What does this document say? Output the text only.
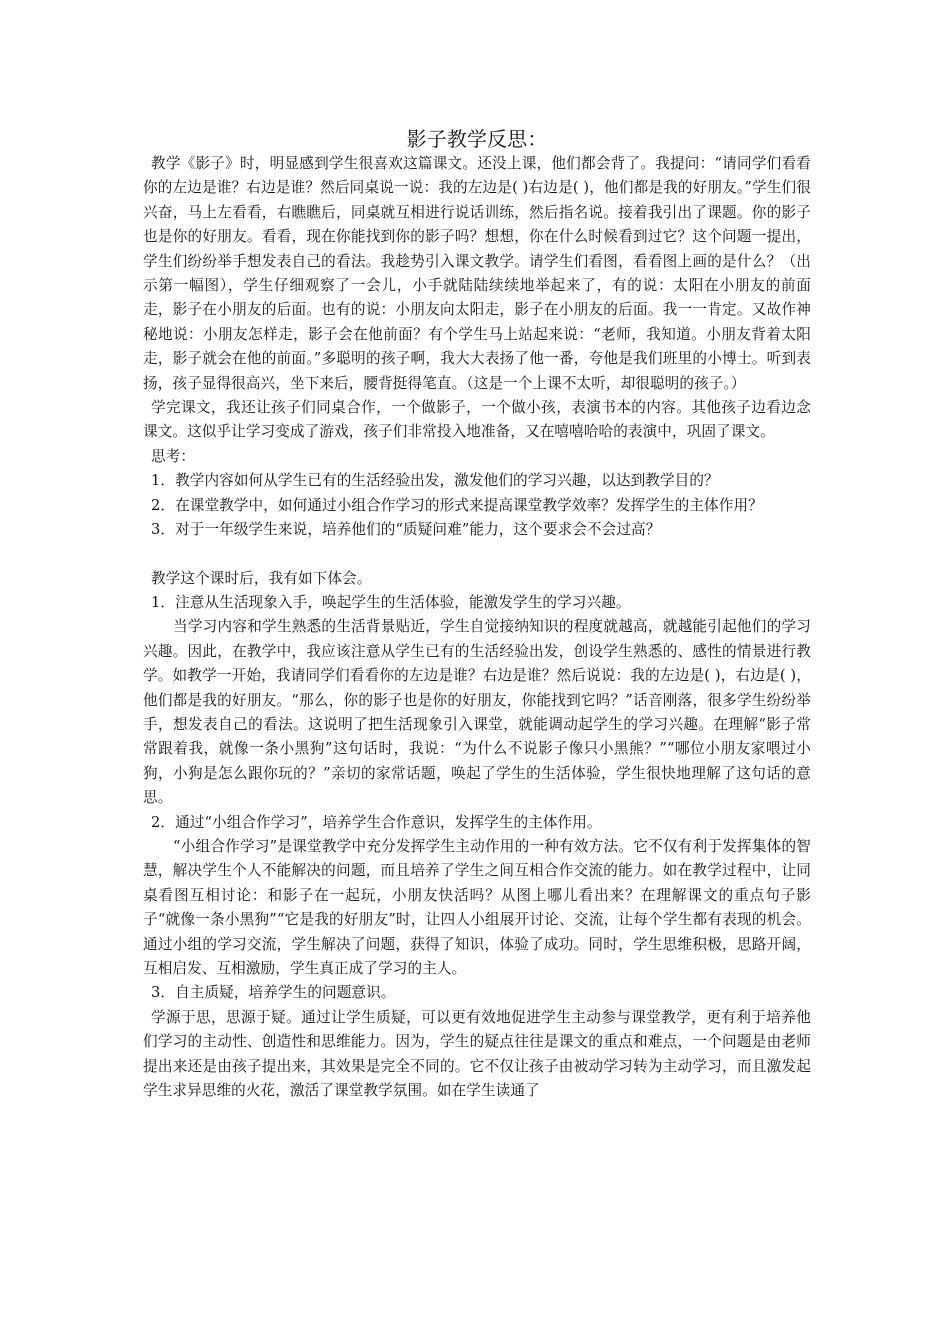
影子教学反思：

教学《影子》时，明显感到学生很喜欢这篇课文。还没上课，他们都会背了。我提问：“请同学们看看你的左边是谁？右边是谁？然后同桌说一说：我的左边是( )右边是( )，他们都是我的好朋友。”学生们很兴奋，马上左看看，右瞧瞧后，同桌就互相进行说话训练，然后指名说。接着我引出了课题。你的影子也是你的好朋友。看看，现在你能找到你的影子吗？想想，你在什么时候看到过它？这个问题一提出，学生们纷纷举手想发表自己的看法。我趁势引入课文教学。请学生们看图，看看图上画的是什么？（出示第一幅图），学生仔细观察了一会儿，小手就陆陆续续地举起来了，有的说：太阳在小朋友的前面走，影子在小朋友的后面。也有的说：小朋友向太阳走，影子在小朋友的后面。我一一肯定。又故作神秘地说：小朋友怎样走，影子会在他前面？有个学生马上站起来说：“老师，我知道。小朋友背着太阳走，影子就会在他的前面。”多聪明的孩子啊，我大大表扬了他一番，夸他是我们班里的小博士。听到表扬，孩子显得很高兴，坐下来后，腰背挺得笔直。（这是一个上课不太听，却很聪明的孩子。）

学完课文，我还让孩子们同桌合作，一个做影子，一个做小孩，表演书本的内容。其他孩子边看边念课文。这似乎让学习变成了游戏，孩子们非常投入地准备，又在嘻嘻哈哈的表演中，巩固了课文。

思考：

1．教学内容如何从学生已有的生活经验出发，激发他们的学习兴趣，以达到教学目的？

2．在课堂教学中，如何通过小组合作学习的形式来提高课堂教学效率？发挥学生的主体作用？

3．对于一年级学生来说，培养他们的“质疑问难”能力，这个要求会不会过高？

教学这个课时后，我有如下体会。

1．注意从生活现象入手，唤起学生的生活体验，能激发学生的学习兴趣。

当学习内容和学生熟悉的生活背景贴近，学生自觉接纳知识的程度就越高，就越能引起他们的学习兴趣。因此，在教学中，我应该注意从学生已有的生活经验出发，创设学生熟悉的、感性的情景进行教学。如教学一开始，我请同学们看看你的左边是谁？右边是谁？然后说说：我的左边是( )，右边是( )，他们都是我的好朋友。“那么，你的影子也是你的好朋友，你能找到它吗？”话音刚落，很多学生纷纷举手，想发表自己的看法。这说明了把生活现象引入课堂，就能调动起学生的学习兴趣。在理解“影子常常跟着我，就像一条小黑狗”这句话时，我说：“为什么不说影子像只小黑熊？”“哪位小朋友家喂过小狗，小狗是怎么跟你玩的？”亲切的家常话题，唤起了学生的生活体验，学生很快地理解了这句话的意思。

2．通过“小组合作学习”，培养学生合作意识，发挥学生的主体作用。

“小组合作学习”是课堂教学中充分发挥学生主动作用的一种有效方法。它不仅有利于发挥集体的智慧，解决学生个人不能解决的问题，而且培养了学生之间互相合作交流的能力。如在教学过程中，让同桌看图互相讨论：和影子在一起玩，小朋友快活吗？从图上哪儿看出来？在理解课文的重点句子影子“就像一条小黑狗”“它是我的好朋友”时，让四人小组展开讨论、交流，让每个学生都有表现的机会。通过小组的学习交流，学生解决了问题，获得了知识，体验了成功。同时，学生思维积极，思路开阔，互相启发、互相激励，学生真正成了学习的主人。

3．自主质疑，培养学生的问题意识。

学源于思，思源于疑。通过让学生质疑，可以更有效地促进学生主动参与课堂教学，更有利于培养他们学习的主动性、创造性和思维能力。因为，学生的疑点往往是课文的重点和难点，一个问题是由老师提出来还是由孩子提出来，其效果是完全不同的。它不仅让孩子由被动学习转为主动学习，而且激发起学生求异思维的火花，激活了课堂教学氛围。如在学生读通了
